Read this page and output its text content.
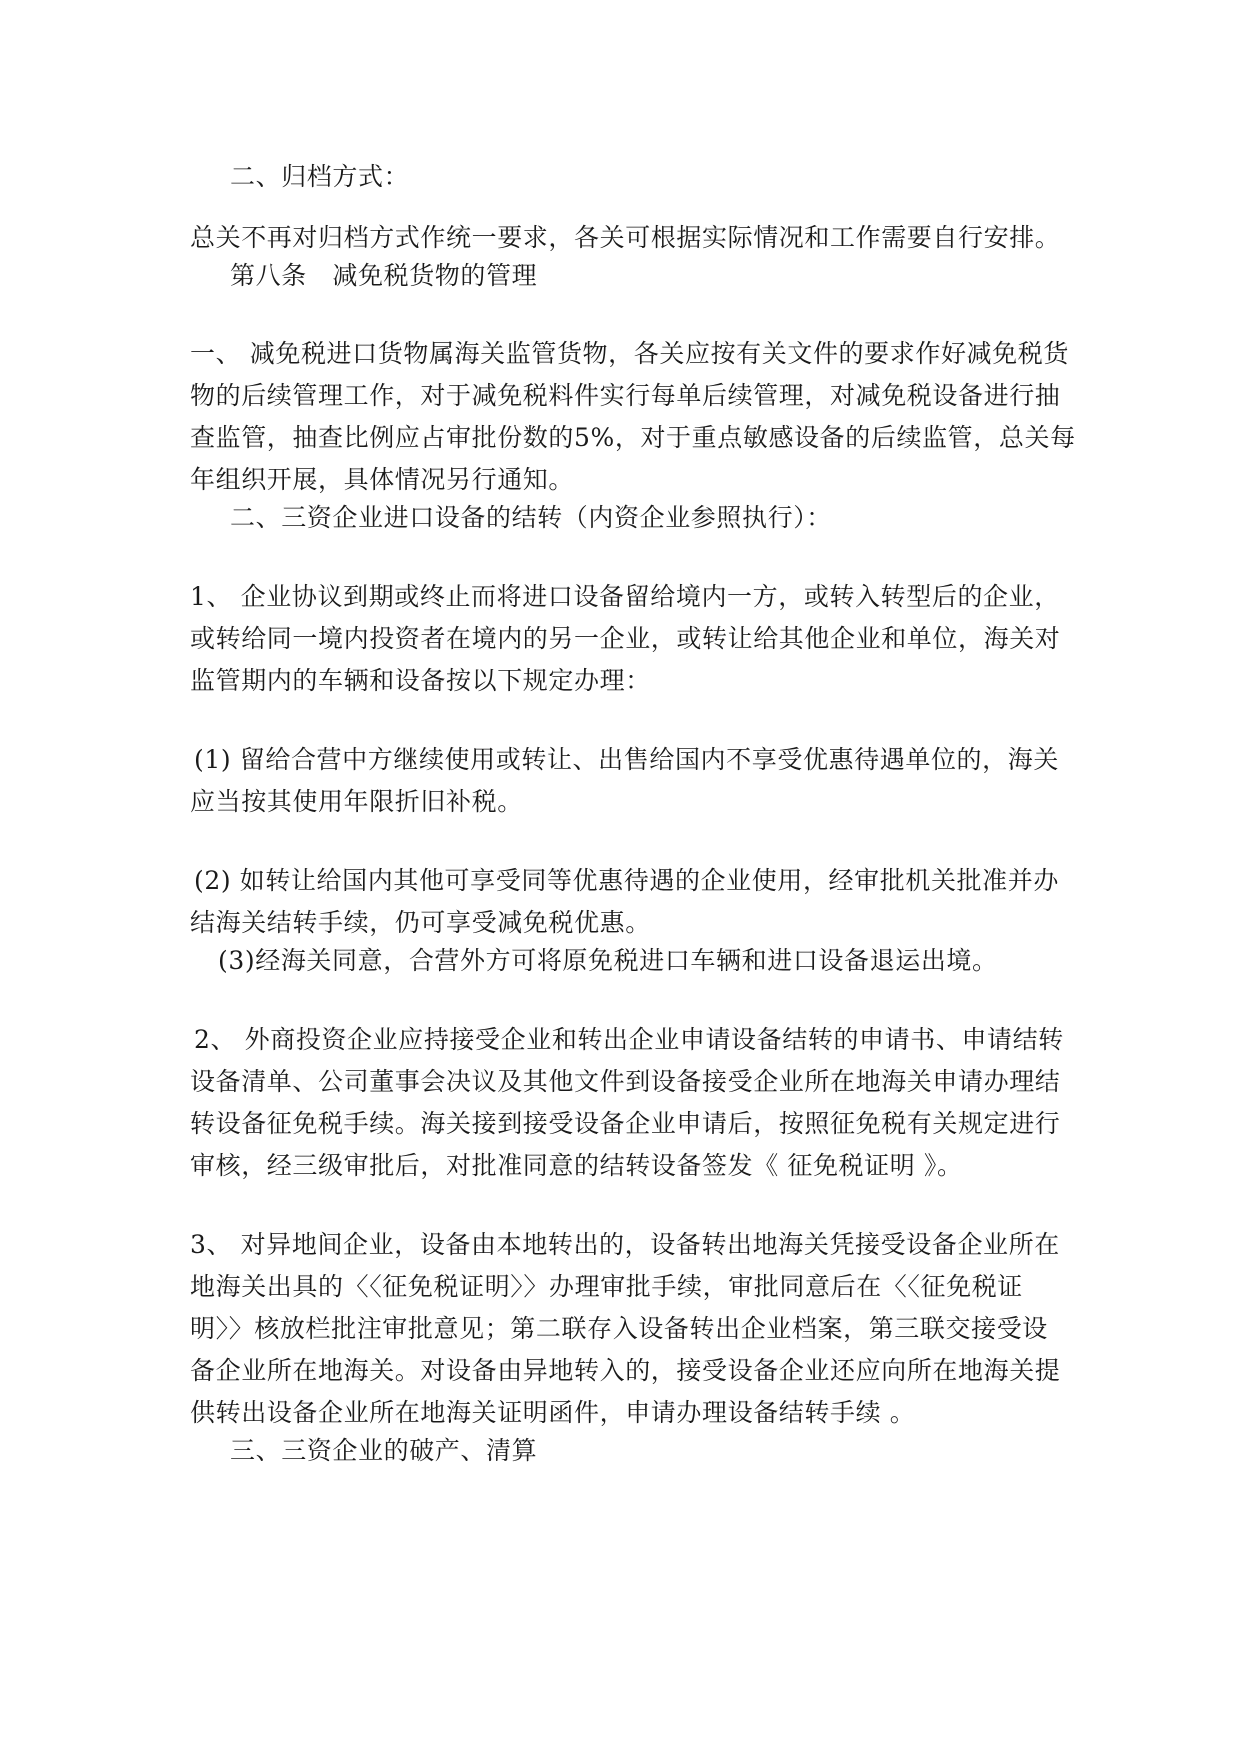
二、归档方式：
总关不再对归档方式作统一要求，各关可根据实际情况和工作需要自行安排。
第八条　减免税货物的管理
一、 减免税进口货物属海关监管货物，各关应按有关文件的要求作好减免税货
物的后续管理工作，对于减免税料件实行每单后续管理，对减免税设备进行抽
查监管，抽查比例应占审批份数的5%，对于重点敏感设备的后续监管，总关每
年组织开展，具体情况另行通知。
二、三资企业进口设备的结转（内资企业参照执行）：
1、 企业协议到期或终止而将进口设备留给境内一方，或转入转型后的企业，
或转给同一境内投资者在境内的另一企业，或转让给其他企业和单位，海关对
监管期内的车辆和设备按以下规定办理：
(1) 留给合营中方继续使用或转让、出售给国内不享受优惠待遇单位的，海关
应当按其使用年限折旧补税。
(2) 如转让给国内其他可享受同等优惠待遇的企业使用，经审批机关批准并办
结海关结转手续，仍可享受减免税优惠。
(3)经海关同意，合营外方可将原免税进口车辆和进口设备退运出境。
2、 外商投资企业应持接受企业和转出企业申请设备结转的申请书、申请结转
设备清单、公司董事会决议及其他文件到设备接受企业所在地海关申请办理结
转设备征免税手续。海关接到接受设备企业申请后，按照征免税有关规定进行
审核，经三级审批后，对批准同意的结转设备签发《 征免税证明 》。
3、 对异地间企业，设备由本地转出的，设备转出地海关凭接受设备企业所在
地海关出具的〈〈征免税证明〉〉办理审批手续，审批同意后在〈〈征免税证
明〉〉核放栏批注审批意见；第二联存入设备转出企业档案，第三联交接受设
备企业所在地海关。对设备由异地转入的，接受设备企业还应向所在地海关提
供转出设备企业所在地海关证明函件，申请办理设备结转手续 。
三、三资企业的破产、清算
